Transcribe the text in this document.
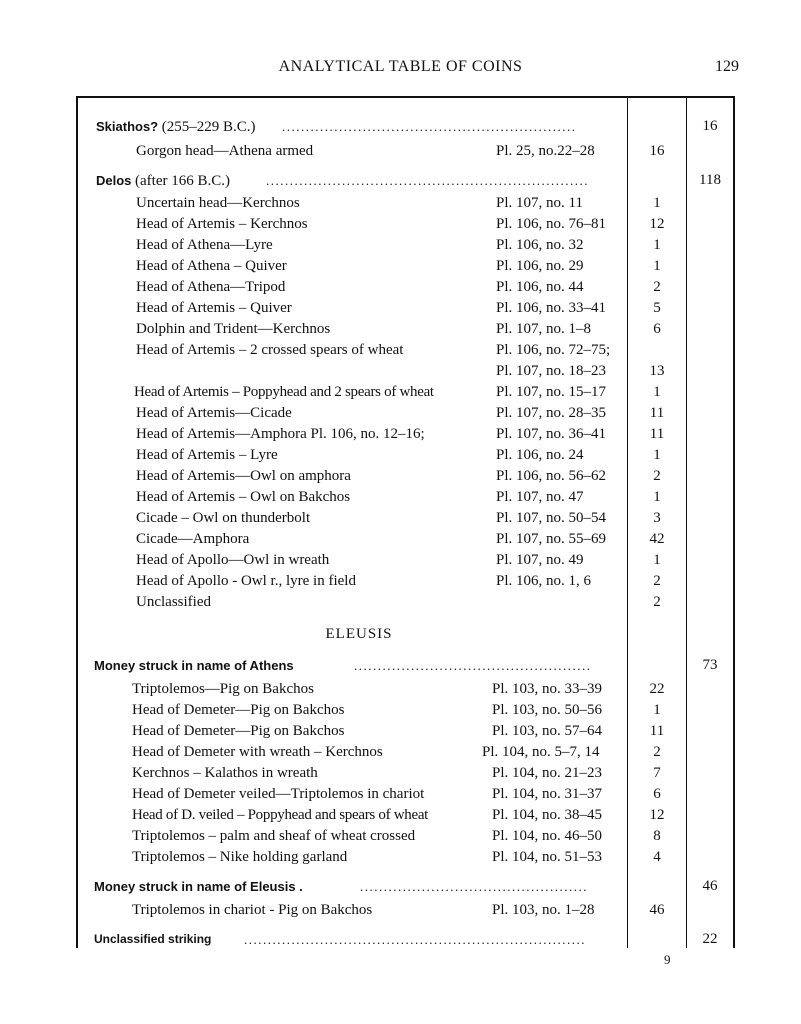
ANALYTICAL TABLE OF COINS	129
Skiathos? (255–229 B.C.) ..............................................................	16
Gorgon head—Athena armed	Pl. 25, no.22–28	16
Delos (after 166 B.C.)	....................................................................	118
Uncertain head—Kerchnos	Pl. 107, no. 11	1
Head of Artemis – Kerchnos	Pl. 106, no. 76–81	12
Head of Athena—Lyre	Pl. 106, no. 32	1
Head of Athena – Quiver	Pl. 106, no. 29	1
Head of Athena—Tripod	Pl. 106, no. 44	2
Head of Artemis – Quiver	Pl. 106, no. 33–41	5
Dolphin and Trident—Kerchnos	Pl. 107, no. 1–8	6
Head of Artemis – 2 crossed spears of wheat	Pl. 106, no. 72–75;
Pl. 107, no. 18–23	13
Head of Artemis – Poppyhead and 2 spears of wheat	Pl. 107, no. 15–17	1
Head of Artemis—Cicade	Pl. 107, no. 28–35	11
Head of Artemis—Amphora Pl. 106, no. 12–16;	Pl. 107, no. 36–41	11
Head of Artemis – Lyre	Pl. 106, no. 24	1
Head of Artemis—Owl on amphora	Pl. 106, no. 56–62	2
Head of Artemis – Owl on Bakchos	Pl. 107, no. 47	1
Cicade – Owl on thunderbolt	Pl. 107, no. 50–54	3
Cicade—Amphora	Pl. 107, no. 55–69	42
Head of Apollo—Owl in wreath	Pl. 107, no. 49	1
Head of Apollo - Owl r., lyre in field	Pl. 106, no. 1, 6	2
Unclassified	2
ELEUSIS
Money struck in name of Athens	..................................................	73
Triptolemos—Pig on Bakchos	Pl. 103, no. 33–39	22
Head of Demeter—Pig on Bakchos	Pl. 103, no. 50–56	1
Head of Demeter—Pig on Bakchos	Pl. 103, no. 57–64	11
Head of Demeter with wreath – Kerchnos	Pl. 104, no. 5–7, 14	2
Kerchnos – Kalathos in wreath	Pl. 104, no. 21–23	7
Head of Demeter veiled—Triptolemos in chariot	Pl. 104, no. 31–37	6
Head of D. veiled – Poppyhead and spears of wheat	Pl. 104, no. 38–45	12
Triptolemos – palm and sheaf of wheat crossed	Pl. 104, no. 46–50	8
Triptolemos – Nike holding garland	Pl. 104, no. 51–53	4
Money struck in name of Eleusis .	................................................	46
Triptolemos in chariot - Pig on Bakchos	Pl. 103, no. 1–28	46
Unclassified striking	........................................................................	22
9
